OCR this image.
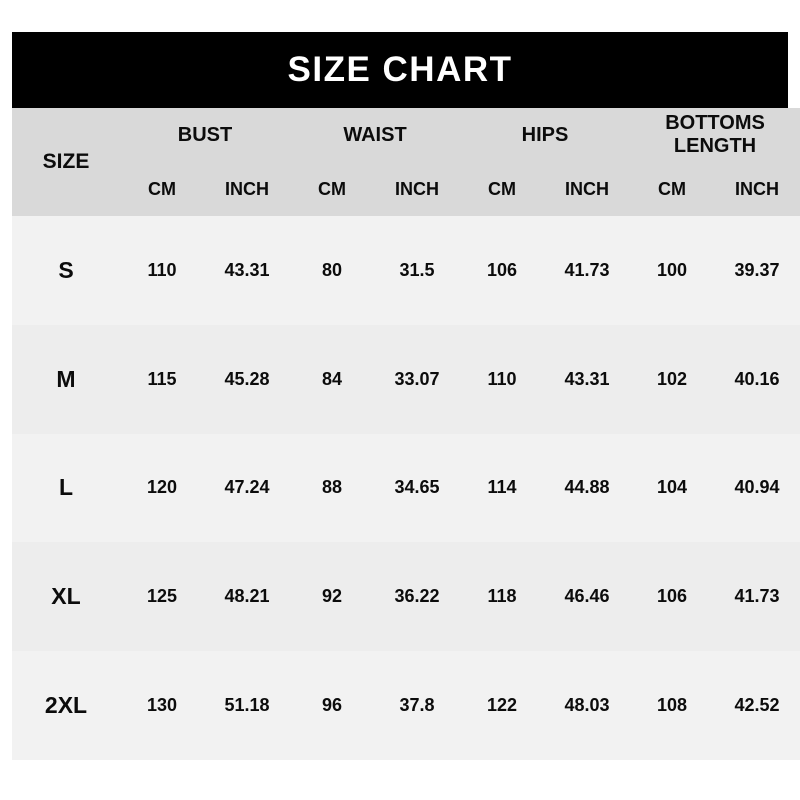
SIZE CHART
SIZE	BUST		WAIST		HIPS		BOTTOMS LENGTH	
	CM	INCH	CM	INCH	CM	INCH	CM	INCH
S	110	43.31	80	31.5	106	41.73	100	39.37
M	115	45.28	84	33.07	110	43.31	102	40.16
L	120	47.24	88	34.65	114	44.88	104	40.94
XL	125	48.21	92	36.22	118	46.46	106	41.73
2XL	130	51.18	96	37.8	122	48.03	108	42.52
